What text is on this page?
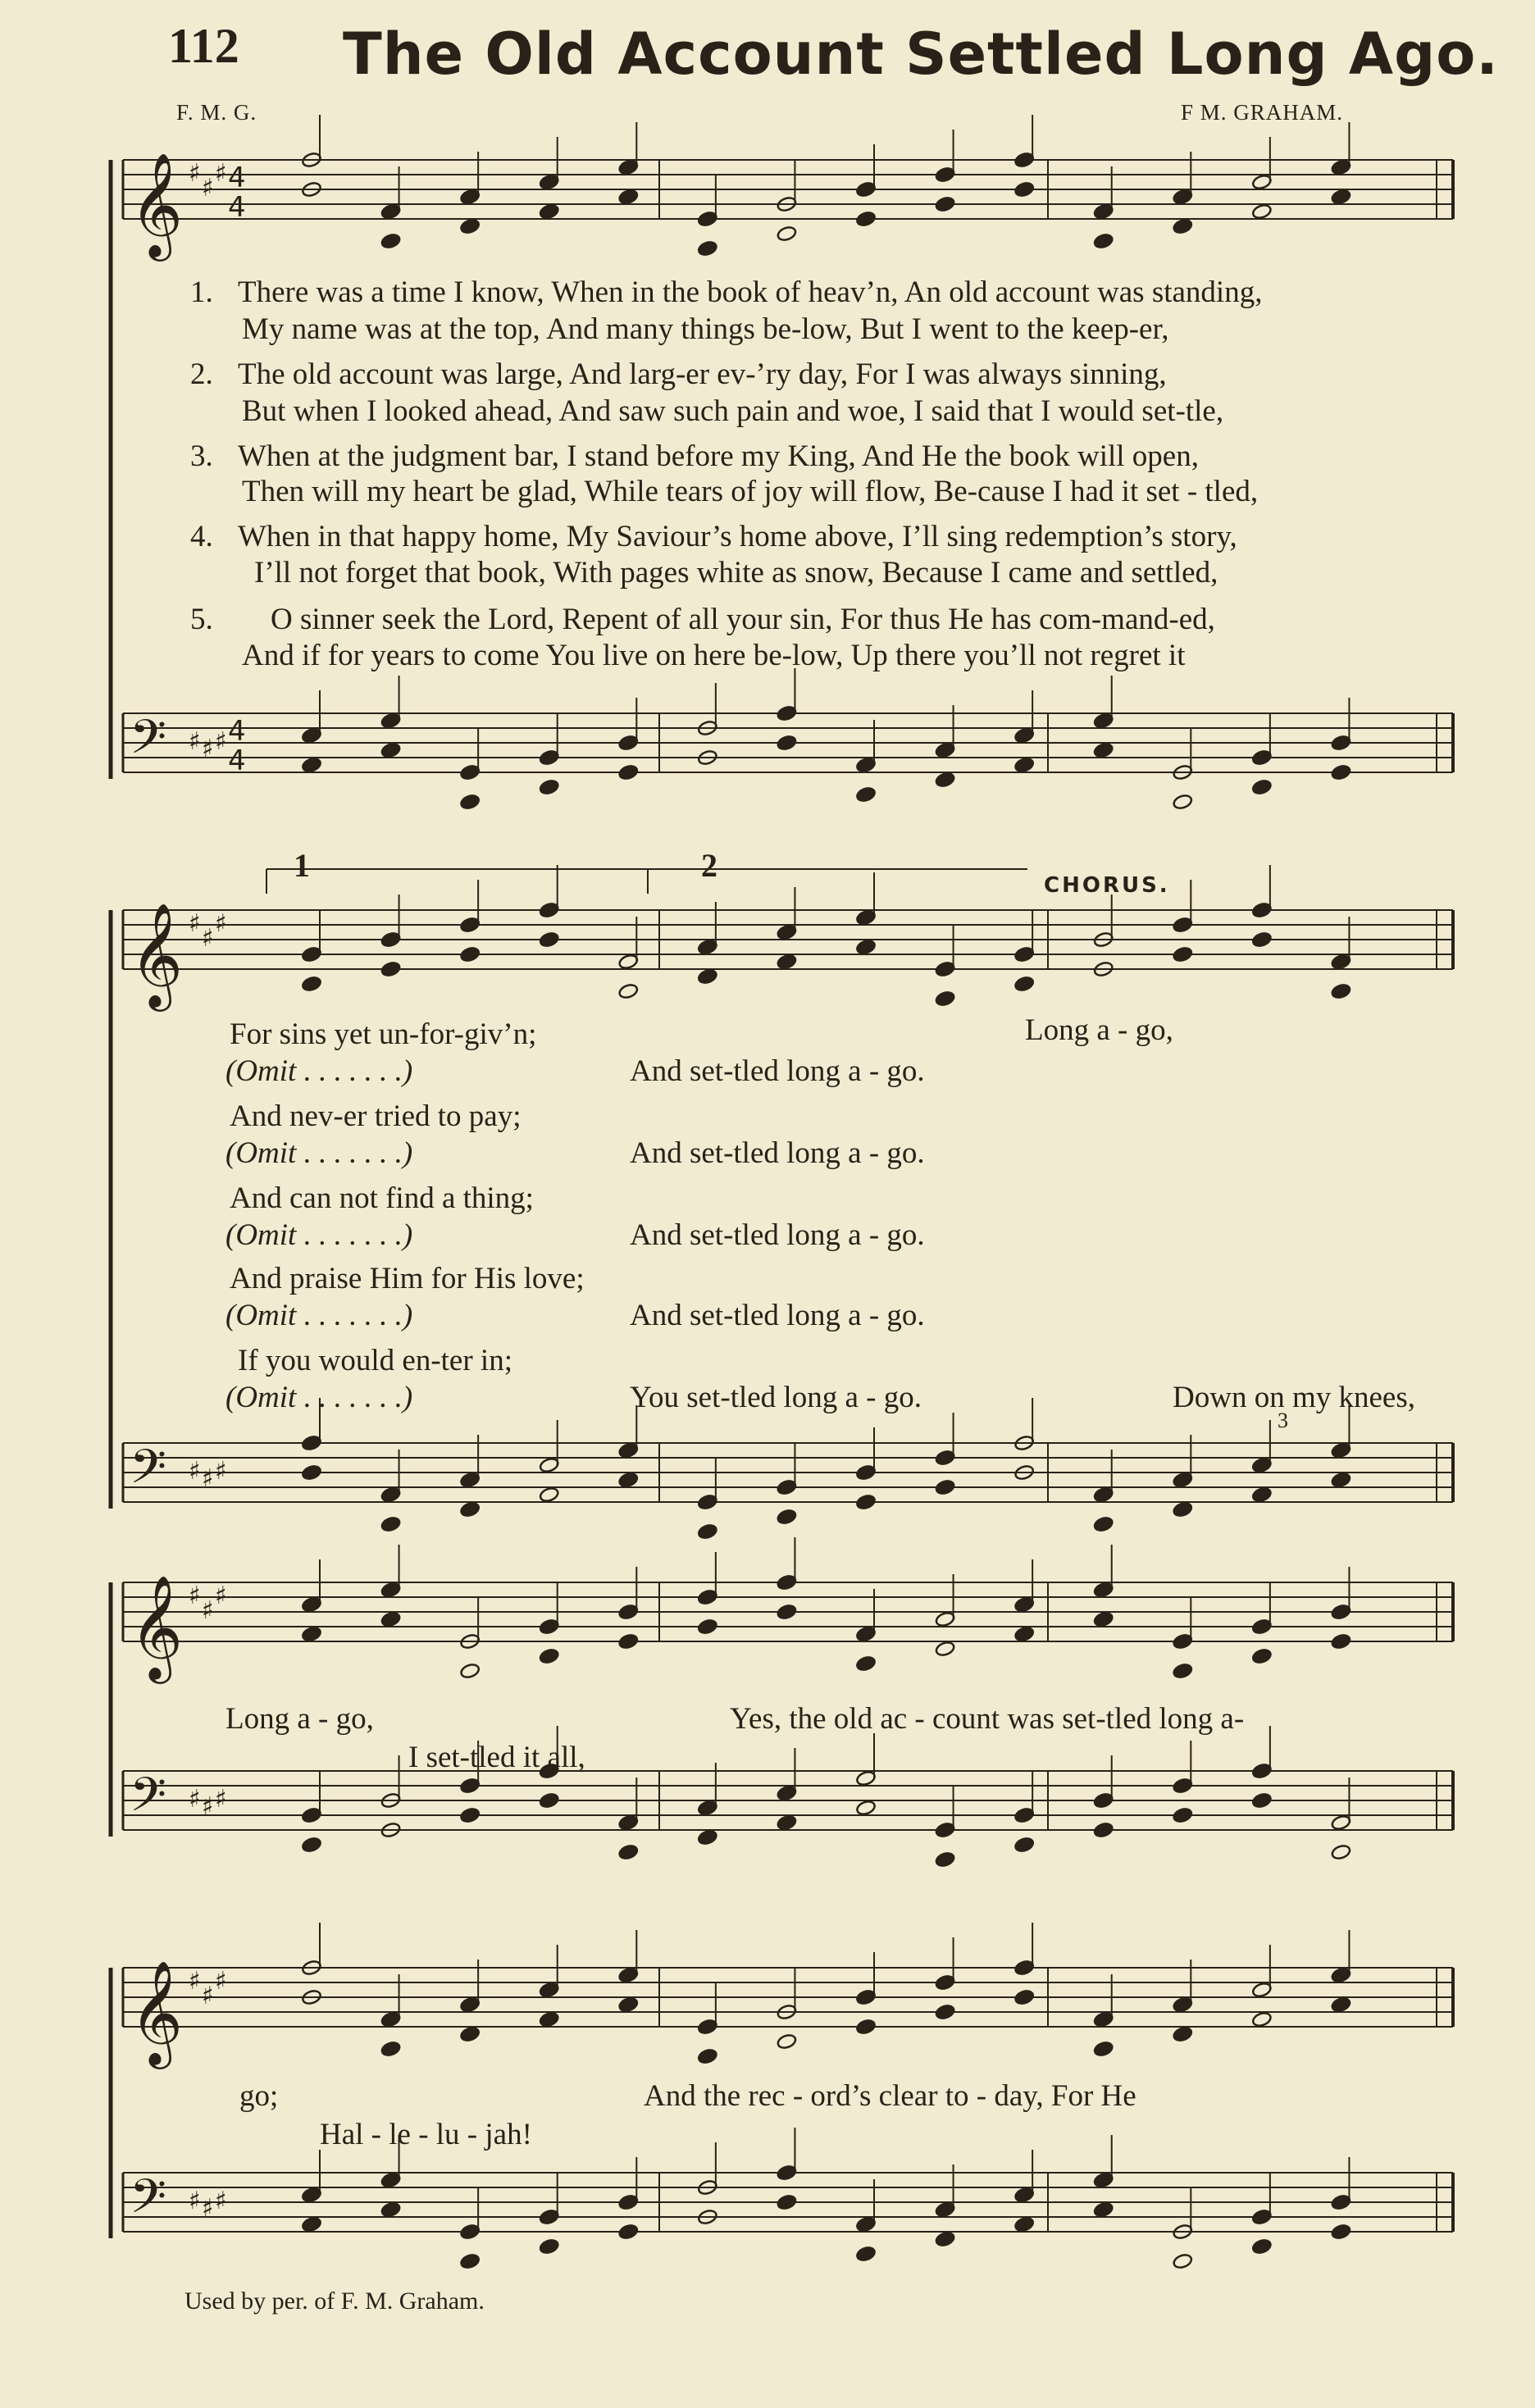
112 The Old Account Settled Long Ago.
F. M. G.	F M. GRAHAM.
𝄞 ♯
♯
♯ 4
4
𝄢 ♯ ♯ ♯ 4
4
𝄞 ♯
♯
♯
𝄢 ♯ ♯ ♯
𝄞 ♯
♯
♯
𝄢 ♯ ♯ ♯
𝄞 ♯
♯
♯
𝄢 ♯ ♯ ♯
1. There was a time I know, When in the book of heav’n, An old account was standing,
My name was at the top, And many things be-low, But I went to the keep-er,
2. The old account was large, And larg-er ev-’ry day, For I was always sinning,
But when I looked ahead, And saw such pain and woe, I said that I would set-tle,
3. When at the judgment bar, I stand before my King, And He the book will open,
Then will my heart be glad, While tears of joy will flow, Be-cause I had it set - tled,
4. When in that happy home, My Saviour’s home above, I’ll sing redemption’s story,
I’ll not forget that book, With pages white as snow, Because I came and settled,
5. O sinner seek the Lord, Repent of all your sin, For thus He has com-mand-ed,
And if for years to come You live on here be-low, Up there you’ll not regret it
1	2
CHORUS.
For sins yet un-for-giv’n;
(Omit . . . . . . .)	And set-tled long a - go.
And nev-er tried to pay;
(Omit . . . . . . .)	And set-tled long a - go.
And can not find a thing;
(Omit . . . . . . .)	And set-tled long a - go.
And praise Him for His love;
(Omit . . . . . . .)	And set-tled long a - go.
If you would en-ter in;
(Omit . . . . . . .)	You set-tled long a - go.
Long a - go,
Down on my knees,
3
Long a - go,
I set-tled it all,
Yes, the old ac - count was set-tled long a-
go;	And the rec - ord’s clear to - day, For He
Hal - le - lu - jah!
Used by per. of F. M. Graham.
